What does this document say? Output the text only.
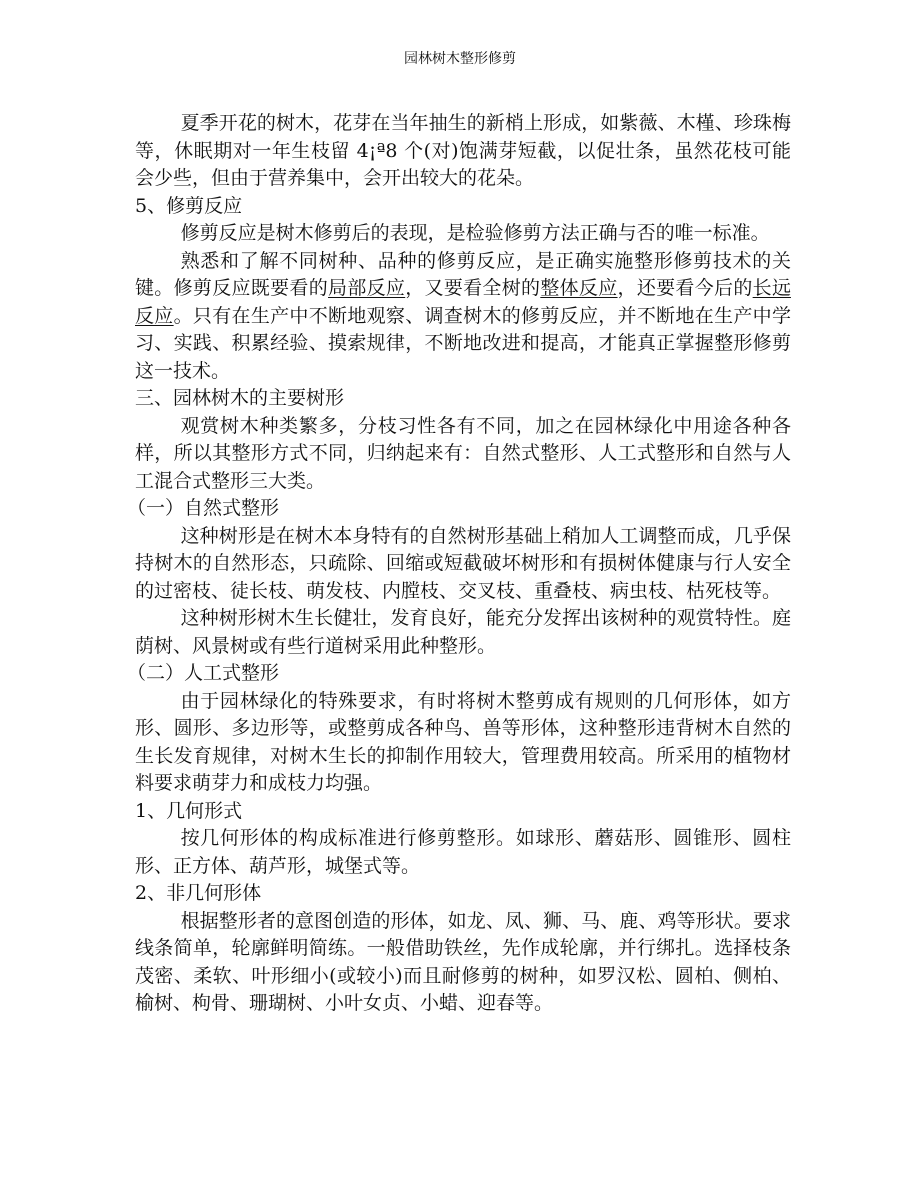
园林树木整形修剪

夏季开花的树木，花芽在当年抽生的新梢上形成，如紫薇、木槿、珍珠梅等，休眠期对一年生枝留 4¡ª8 个(对)饱满芽短截，以促壮条，虽然花枝可能会少些，但由于营养集中，会开出较大的花朵。

5、修剪反应

修剪反应是树木修剪后的表现，是检验修剪方法正确与否的唯一标准。

熟悉和了解不同树种、品种的修剪反应，是正确实施整形修剪技术的关键。修剪反应既要看的局部反应，又要看全树的整体反应，还要看今后的长远反应。只有在生产中不断地观察、调查树木的修剪反应，并不断地在生产中学习、实践、积累经验、摸索规律，不断地改进和提高，才能真正掌握整形修剪这一技术。

三、园林树木的主要树形

观赏树木种类繁多，分枝习性各有不同，加之在园林绿化中用途各种各样，所以其整形方式不同，归纳起来有：自然式整形、人工式整形和自然与人工混合式整形三大类。

（一）自然式整形

这种树形是在树木本身特有的自然树形基础上稍加人工调整而成，几乎保持树木的自然形态，只疏除、回缩或短截破坏树形和有损树体健康与行人安全的过密枝、徒长枝、萌发枝、内膛枝、交叉枝、重叠枝、病虫枝、枯死枝等。

这种树形树木生长健壮，发育良好，能充分发挥出该树种的观赏特性。庭荫树、风景树或有些行道树采用此种整形。

（二）人工式整形

由于园林绿化的特殊要求，有时将树木整剪成有规则的几何形体，如方形、圆形、多边形等，或整剪成各种鸟、兽等形体，这种整形违背树木自然的生长发育规律，对树木生长的抑制作用较大，管理费用较高。所采用的植物材料要求萌芽力和成枝力均强。

1、几何形式

按几何形体的构成标准进行修剪整形。如球形、蘑菇形、圆锥形、圆柱形、正方体、葫芦形，城堡式等。

2、非几何形体

根据整形者的意图创造的形体，如龙、凤、狮、马、鹿、鸡等形状。要求线条简单，轮廓鲜明简练。一般借助铁丝，先作成轮廓，并行绑扎。选择枝条茂密、柔软、叶形细小(或较小)而且耐修剪的树种，如罗汉松、圆柏、侧柏、榆树、枸骨、珊瑚树、小叶女贞、小蜡、迎春等。
